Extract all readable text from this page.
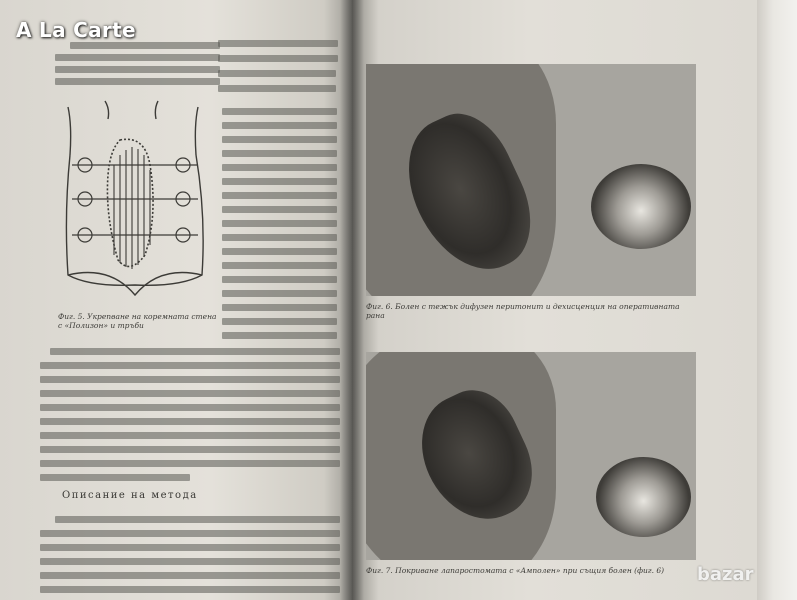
Фиг. 5. Укрепване на коремната стена с «Полизон» и тръби
Описание на метода
Фиг. 6. Болен с тежък дифузен перитонит и дехисценция на оперативната рана
Фиг. 7. Покриване лапаростомата с «Амполен» при същия болен (фиг. 6)
A La Carte
bazar
